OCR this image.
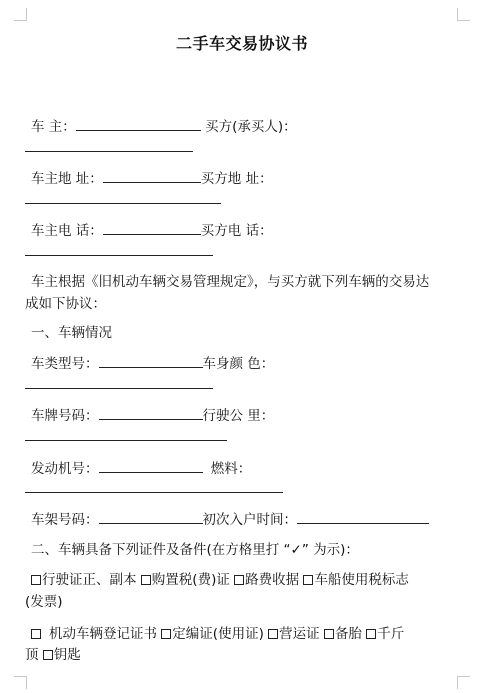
二手车交易协议书
车 主：	买方(承买人)：
车主地 址：	买方地 址：
车主电 话：	买方电 话：
车主根据《旧机动车辆交易管理规定》，与买方就下列车辆的交易达
成如下协议：
一、车辆情况
车类型号：	车身颜 色：
车牌号码：	行驶公 里：
发动机号：	燃料：
车架号码：	初次入户时间：
二、车辆具备下列证件及备件(在方格里打 “✓” 为示)：
行驶证正、副本 购置税(费)证 路费收据 车船使用税标志
(发票)
机动车辆登记证书 定编证(使用证) 营运证 备胎 千斤
顶 钥匙
